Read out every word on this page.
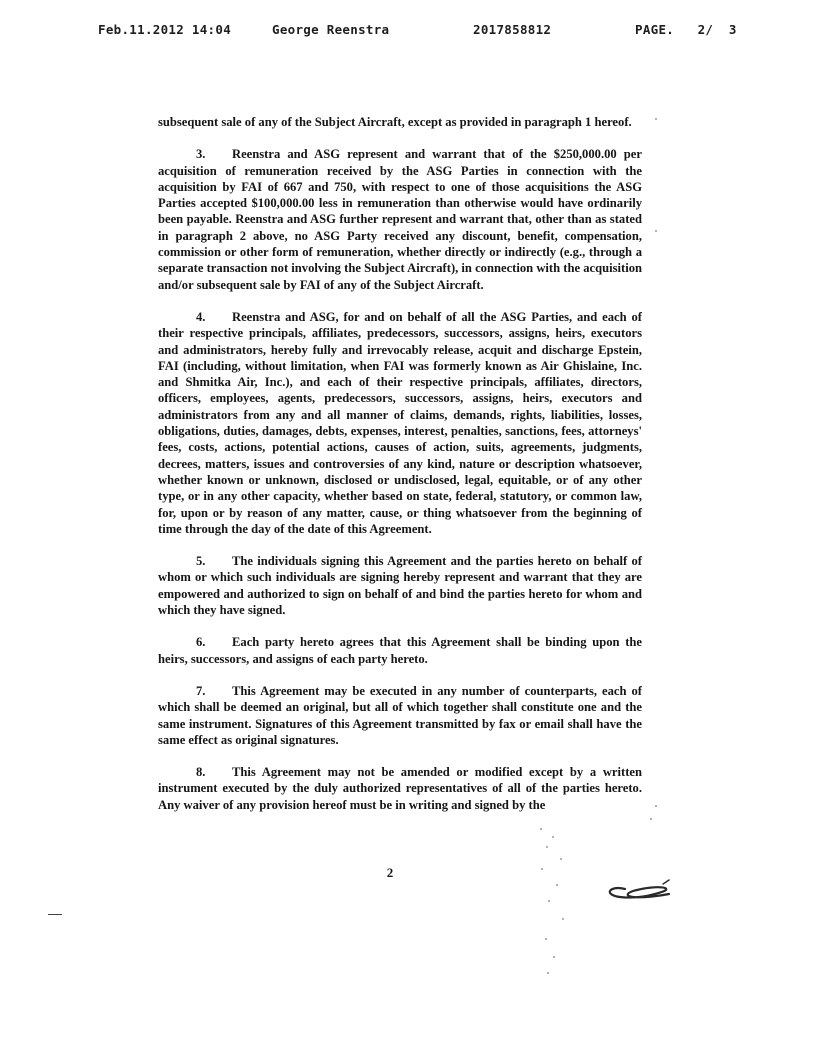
Feb.11.2012 14:04	George Reenstra	2017858812	PAGE.   2/  3

subsequent sale of any of the Subject Aircraft, except as provided in paragraph 1 hereof.

3. Reenstra and ASG represent and warrant that of the $250,000.00 per acquisition of remuneration received by the ASG Parties in connection with the acquisition by FAI of 667 and 750, with respect to one of those acquisitions the ASG Parties accepted $100,000.00 less in remuneration than otherwise would have ordinarily been payable. Reenstra and ASG further represent and warrant that, other than as stated in paragraph 2 above, no ASG Party received any discount, benefit, compensation, commission or other form of remuneration, whether directly or indirectly (e.g., through a separate transaction not involving the Subject Aircraft), in connection with the acquisition and/or subsequent sale by FAI of any of the Subject Aircraft.

4. Reenstra and ASG, for and on behalf of all the ASG Parties, and each of their respective principals, affiliates, predecessors, successors, assigns, heirs, executors and administrators, hereby fully and irrevocably release, acquit and discharge Epstein, FAI (including, without limitation, when FAI was formerly known as Air Ghislaine, Inc. and Shmitka Air, Inc.), and each of their respective principals, affiliates, directors, officers, employees, agents, predecessors, successors, assigns, heirs, executors and administrators from any and all manner of claims, demands, rights, liabilities, losses, obligations, duties, damages, debts, expenses, interest, penalties, sanctions, fees, attorneys' fees, costs, actions, potential actions, causes of action, suits, agreements, judgments, decrees, matters, issues and controversies of any kind, nature or description whatsoever, whether known or unknown, disclosed or undisclosed, legal, equitable, or of any other type, or in any other capacity, whether based on state, federal, statutory, or common law, for, upon or by reason of any matter, cause, or thing whatsoever from the beginning of time through the day of the date of this Agreement.

5. The individuals signing this Agreement and the parties hereto on behalf of whom or which such individuals are signing hereby represent and warrant that they are empowered and authorized to sign on behalf of and bind the parties hereto for whom and which they have signed.

6. Each party hereto agrees that this Agreement shall be binding upon the heirs, successors, and assigns of each party hereto.

7. This Agreement may be executed in any number of counterparts, each of which shall be deemed an original, but all of which together shall constitute one and the same instrument. Signatures of this Agreement transmitted by fax or email shall have the same effect as original signatures.

8. This Agreement may not be amended or modified except by a written instrument executed by the duly authorized representatives of all of the parties hereto. Any waiver of any provision hereof must be in writing and signed by the

2
